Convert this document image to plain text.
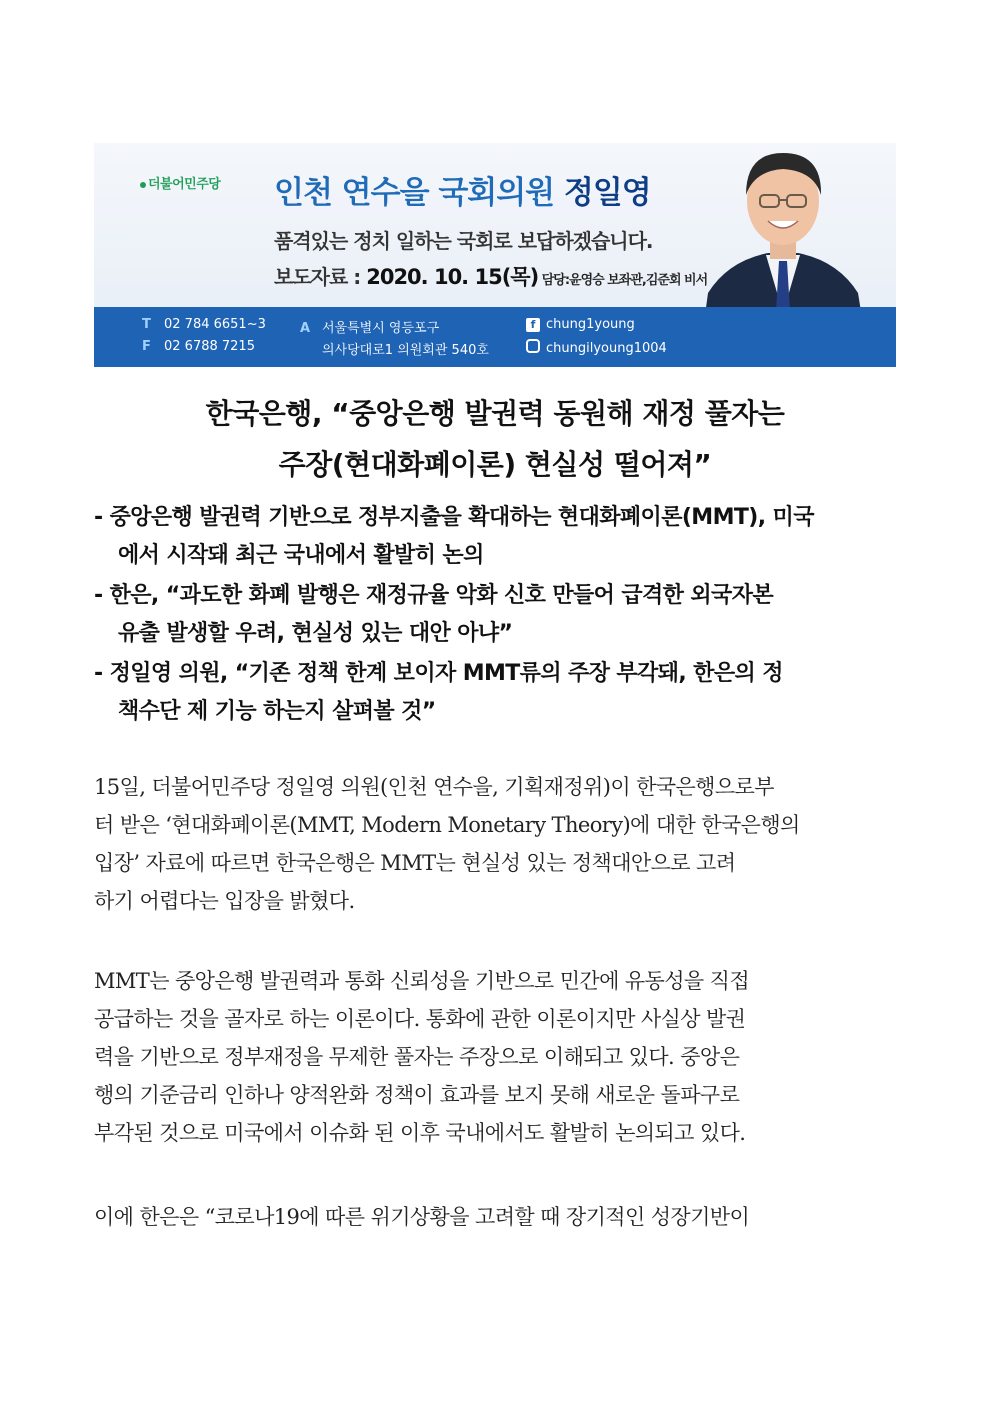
더불어민주당 인천 연수을 국회의원 정일영
품격있는 정치 일하는 국회로 보답하겠습니다.
보도자료 : 2020. 10. 15(목) 담당:윤영승 보좌관,김준회 비서
T 02 784 6651~3
F 02 6788 7215
A 서울특별시 영등포구
의사당대로1 의원회관 540호
f chung1young
chungilyoung1004
한국은행, “중앙은행 발권력 동원해 재정 풀자는
주장(현대화폐이론) 현실성 떨어져”
- 중앙은행 발권력 기반으로 정부지출을 확대하는 현대화폐이론(MMT), 미국
에서 시작돼 최근 국내에서 활발히 논의
- 한은, “과도한 화폐 발행은 재정규율 악화 신호 만들어 급격한 외국자본
유출 발생할 우려, 현실성 있는 대안 아냐”
- 정일영 의원, “기존 정책 한계 보이자 MMT류의 주장 부각돼, 한은의 정
책수단 제 기능 하는지 살펴볼 것”
15일, 더불어민주당 정일영 의원(인천 연수을, 기획재정위)이 한국은행으로부
터 받은 ‘현대화폐이론(MMT, Modern Monetary Theory)에 대한 한국은행의
입장’ 자료에 따르면 한국은행은 MMT는 현실성 있는 정책대안으로 고려
하기 어렵다는 입장을 밝혔다.
MMT는 중앙은행 발권력과 통화 신뢰성을 기반으로 민간에 유동성을 직접
공급하는 것을 골자로 하는 이론이다. 통화에 관한 이론이지만 사실상 발권
력을 기반으로 정부재정을 무제한 풀자는 주장으로 이해되고 있다. 중앙은
행의 기준금리 인하나 양적완화 정책이 효과를 보지 못해 새로운 돌파구로
부각된 것으로 미국에서 이슈화 된 이후 국내에서도 활발히 논의되고 있다.
이에 한은은 “코로나19에 따른 위기상황을 고려할 때 장기적인 성장기반이
